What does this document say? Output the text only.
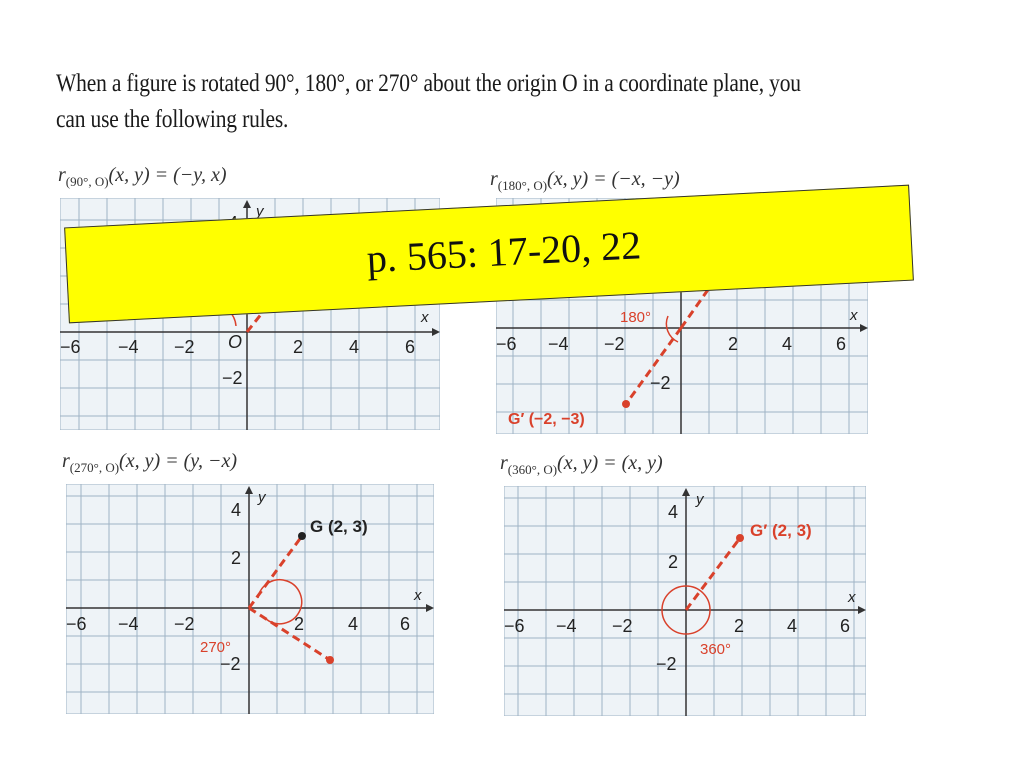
When a figure is rotated 90°, 180°, or 270° about the origin O in a coordinate plane, you
can use the following rules.
$r_{(90^\circ, O)}(x$, y) = (−y, x)	$r_{(180^\circ, O)}(x$, y) = (−x, −y)
$r_{(270^\circ, O)}(x$, y) = (y, −x)	$r_{(360^\circ, O)}(x$, y) = (x, y)
−6 −4 −2	2	4	6
−2
O
x
y
−6 −4 −2	2 4 6
−2
x
180°
G′ (−2, −3)
−6 −4 −2	2 4 6
4
2
−2
x
y
270°
G (2, 3)
−6 −4 −2	2 4 6
4
2
−2
x
y
360°
G′ (2, 3)
p. 565: 17-20, 22
